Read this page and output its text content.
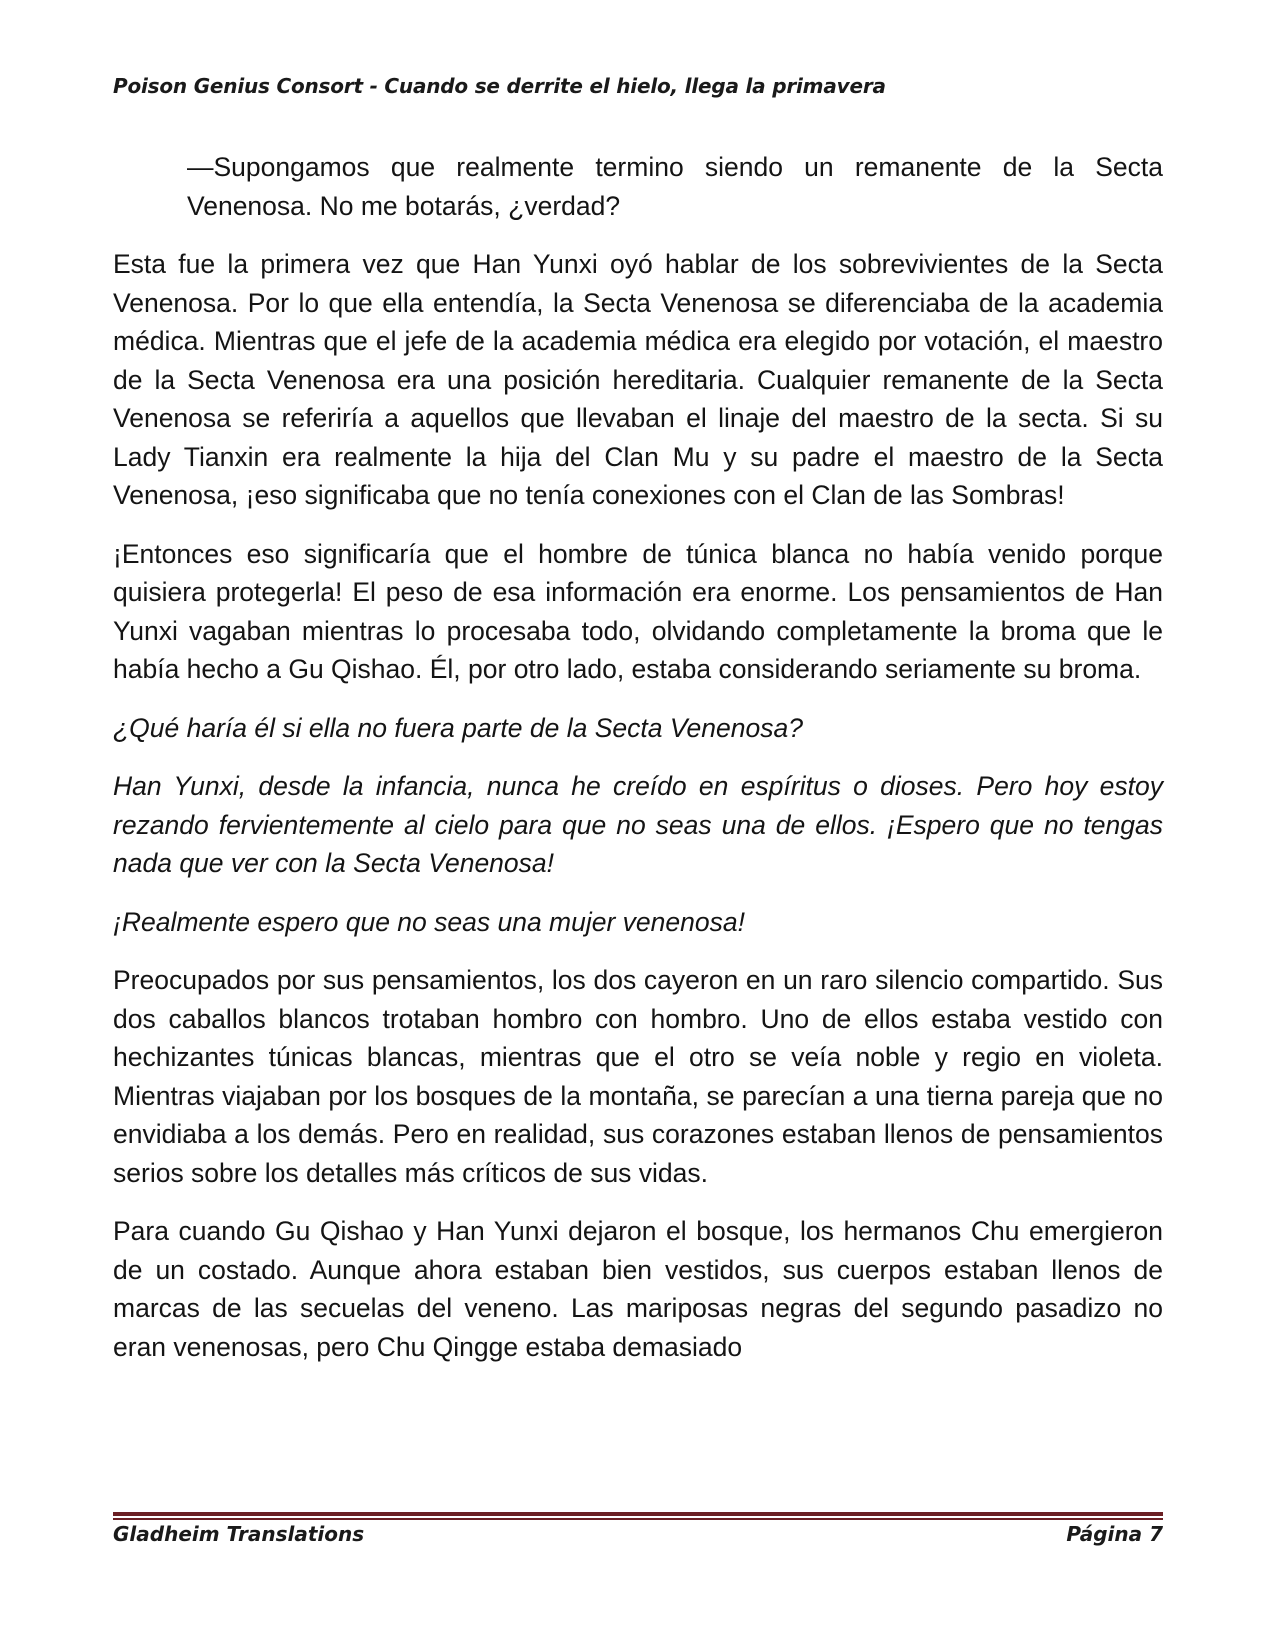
Poison Genius Consort - Cuando se derrite el hielo, llega la primavera

—Supongamos que realmente termino siendo un remanente de la Secta Venenosa. No me botarás, ¿verdad?

Esta fue la primera vez que Han Yunxi oyó hablar de los sobrevivientes de la Secta Venenosa. Por lo que ella entendía, la Secta Venenosa se diferenciaba de la academia médica. Mientras que el jefe de la academia médica era elegido por votación, el maestro de la Secta Venenosa era una posición hereditaria. Cualquier remanente de la Secta Venenosa se referiría a aquellos que llevaban el linaje del maestro de la secta. Si su Lady Tianxin era realmente la hija del Clan Mu y su padre el maestro de la Secta Venenosa, ¡eso significaba que no tenía conexiones con el Clan de las Sombras!

¡Entonces eso significaría que el hombre de túnica blanca no había venido porque quisiera protegerla! El peso de esa información era enorme. Los pensamientos de Han Yunxi vagaban mientras lo procesaba todo, olvidando completamente la broma que le había hecho a Gu Qishao. Él, por otro lado, estaba considerando seriamente su broma.

¿Qué haría él si ella no fuera parte de la Secta Venenosa?

Han Yunxi, desde la infancia, nunca he creído en espíritus o dioses. Pero hoy estoy rezando fervientemente al cielo para que no seas una de ellos. ¡Espero que no tengas nada que ver con la Secta Venenosa!

¡Realmente espero que no seas una mujer venenosa!

Preocupados por sus pensamientos, los dos cayeron en un raro silencio compartido. Sus dos caballos blancos trotaban hombro con hombro. Uno de ellos estaba vestido con hechizantes túnicas blancas, mientras que el otro se veía noble y regio en violeta. Mientras viajaban por los bosques de la montaña, se parecían a una tierna pareja que no envidiaba a los demás. Pero en realidad, sus corazones estaban llenos de pensamientos serios sobre los detalles más críticos de sus vidas.

Para cuando Gu Qishao y Han Yunxi dejaron el bosque, los hermanos Chu emergieron de un costado. Aunque ahora estaban bien vestidos, sus cuerpos estaban llenos de marcas de las secuelas del veneno. Las mariposas negras del segundo pasadizo no eran venenosas, pero Chu Qingge estaba demasiado

Gladheim Translations	Página 7
